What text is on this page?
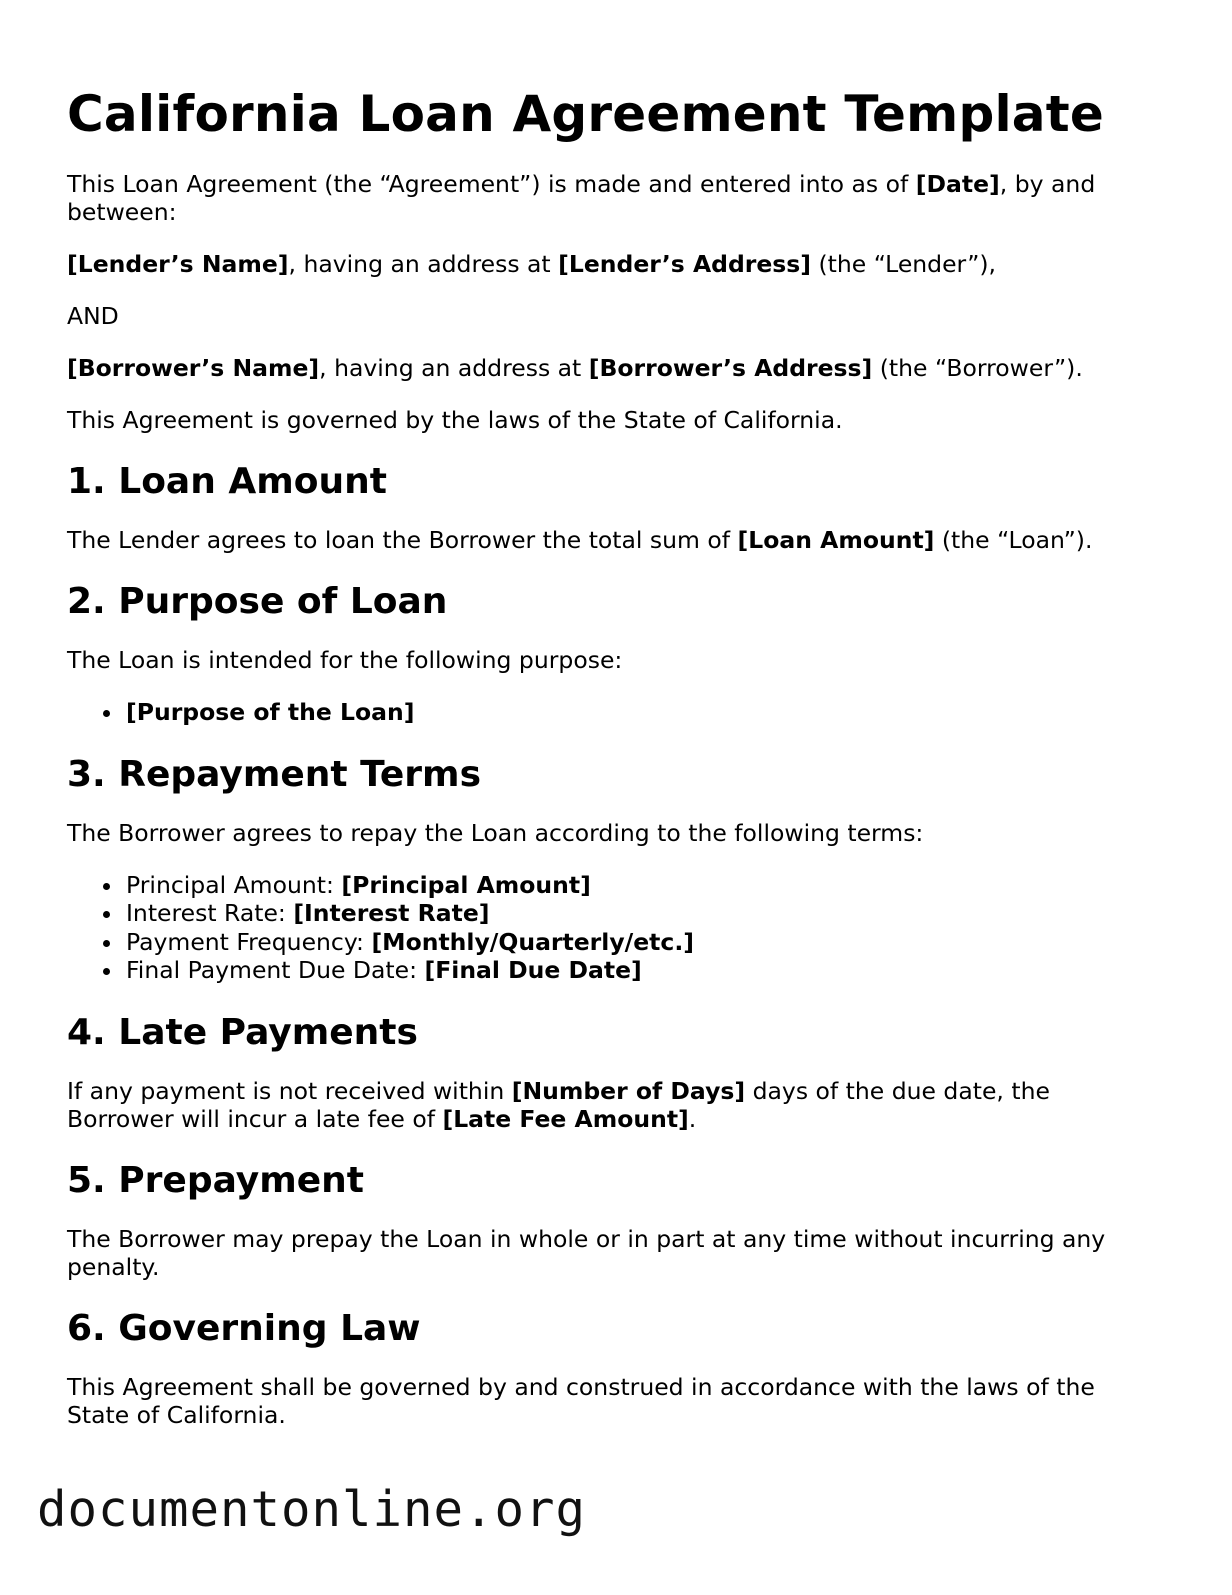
California Loan Agreement Template

This Loan Agreement (the “Agreement”) is made and entered into as of [Date], by and between:

[Lender’s Name], having an address at [Lender’s Address] (the “Lender”),

AND

[Borrower’s Name], having an address at [Borrower’s Address] (the “Borrower”).

This Agreement is governed by the laws of the State of California.

1. Loan Amount

The Lender agrees to loan the Borrower the total sum of [Loan Amount] (the “Loan”).

2. Purpose of Loan

The Loan is intended for the following purpose:

[Purpose of the Loan]
3. Repayment Terms

The Borrower agrees to repay the Loan according to the following terms:

Principal Amount: [Principal Amount]
Interest Rate: [Interest Rate]
Payment Frequency: [Monthly/Quarterly/etc.]
Final Payment Due Date: [Final Due Date]
4. Late Payments

If any payment is not received within [Number of Days] days of the due date, the Borrower will incur a late fee of [Late Fee Amount].

5. Prepayment

The Borrower may prepay the Loan in whole or in part at any time without incurring any penalty.

6. Governing Law

This Agreement shall be governed by and construed in accordance with the laws of the State of California.

documentonline.org
